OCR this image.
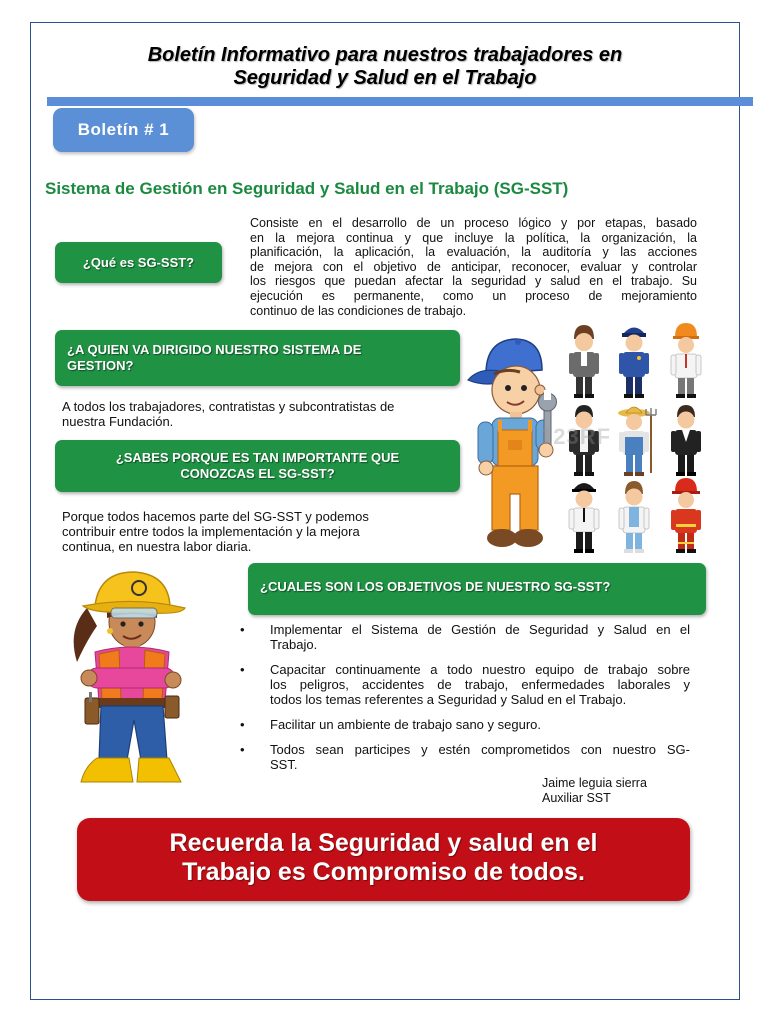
Boletín Informativo para nuestros trabajadores en
Seguridad y Salud en el Trabajo
Boletín # 1
Sistema de Gestión en Seguridad y Salud en el Trabajo (SG-SST)
¿Qué es SG-SST?
Consiste en el desarrollo de un proceso lógico y por etapas, basado
en la mejora continua y que incluye la política, la organización, la
planificación, la aplicación, la evaluación, la auditoría y las acciones
de mejora con el objetivo de anticipar, reconocer, evaluar y controlar
los riesgos que puedan afectar la seguridad y salud en el trabajo. Su
ejecución es permanente, como un proceso de mejoramiento
continuo de las condiciones de trabajo.
¿A QUIEN VA DIRIGIDO NUESTRO SISTEMA DE
GESTION?
A todos los trabajadores, contratistas y subcontratistas de
nuestra Fundación.
¿SABES PORQUE ES TAN IMPORTANTE QUE
CONOZCAS EL SG-SST?
Porque todos hacemos parte del SG-SST y podemos
contribuir entre todos la implementación y la mejora
continua, en nuestra labor diaria.
123RF
¿CUALES SON LOS OBJETIVOS DE NUESTRO SG-SST?
•	Implementar el Sistema de Gestión de Seguridad y Salud en el
Trabajo.
•	Capacitar continuamente a todo nuestro equipo de trabajo sobre
los peligros, accidentes de trabajo, enfermedades laborales y
todos los temas referentes a Seguridad y Salud en el Trabajo.
•	Facilitar un ambiente de trabajo sano y seguro.
•	Todos sean participes y estén comprometidos con nuestro SG-
SST.
Jaime leguia sierra
Auxiliar SST
Recuerda la Seguridad y salud en el
Trabajo es Compromiso de todos.
